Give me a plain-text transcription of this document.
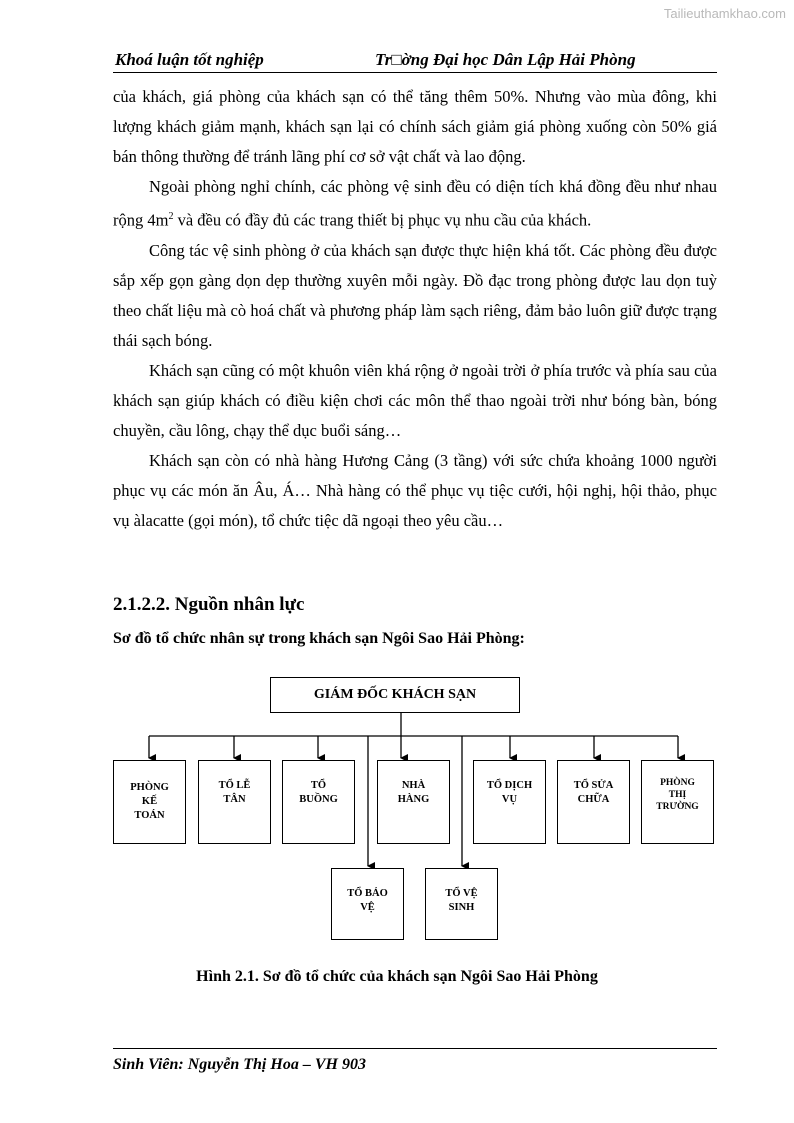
Tailieuthamkhao.com
Khoá luận tốt nghiệp	Tr□ờng Đại học Dân Lập Hải Phòng

của khách, giá phòng của khách sạn có thể tăng thêm 50%. Nhưng vào mùa đông, khi lượng khách giảm mạnh, khách sạn lại có chính sách giảm giá phòng xuống còn 50% giá bán thông thường để tránh lãng phí cơ sở vật chất và lao động.

Ngoài phòng nghỉ chính, các phòng vệ sinh đều có diện tích khá đồng đều như nhau rộng $4m^2$ và đều có đầy đủ các trang thiết bị phục vụ nhu cầu của khách.

Công tác vệ sinh phòng ở của khách sạn được thực hiện khá tốt. Các phòng đều được sắp xếp gọn gàng dọn dẹp thường xuyên mỗi ngày. Đồ đạc trong phòng được lau dọn tuỳ theo chất liệu mà cò hoá chất và phương pháp làm sạch riêng, đảm bảo luôn giữ được trạng thái sạch bóng.

Khách sạn cũng có một khuôn viên khá rộng ở ngoài trời ở phía trước và phía sau của khách sạn giúp khách có điều kiện chơi các môn thể thao ngoài trời như bóng bàn, bóng chuyền, cầu lông, chạy thể dục buổi sáng…

Khách sạn còn có nhà hàng Hương Cảng (3 tầng) với sức chứa khoảng 1000 người phục vụ các món ăn Âu, Á… Nhà hàng có thể phục vụ tiệc cưới, hội nghị, hội thảo, phục vụ àlacatte (gọi món), tổ chức tiệc dã ngoại theo yêu cầu…

2.1.2.2. Nguồn nhân lực
Sơ đồ tổ chức nhân sự trong khách sạn Ngôi Sao Hải Phòng:
GIÁM ĐỐC KHÁCH SẠN
PHÒNG
KẾ
TOÁN
TỔ LỄ
TÂN
TỔ
BUỒNG
NHÀ
HÀNG
TỔ DỊCH
VỤ
TỔ SỬA
CHỮA
PHÒNG
THỊ
TRƯỜNG
TỔ BẢO
VỆ
TỔ VỆ
SINH
Hình 2.1. Sơ đồ tổ chức của khách sạn Ngôi Sao Hải Phòng
Sinh Viên: Nguyễn Thị Hoa – VH 903
